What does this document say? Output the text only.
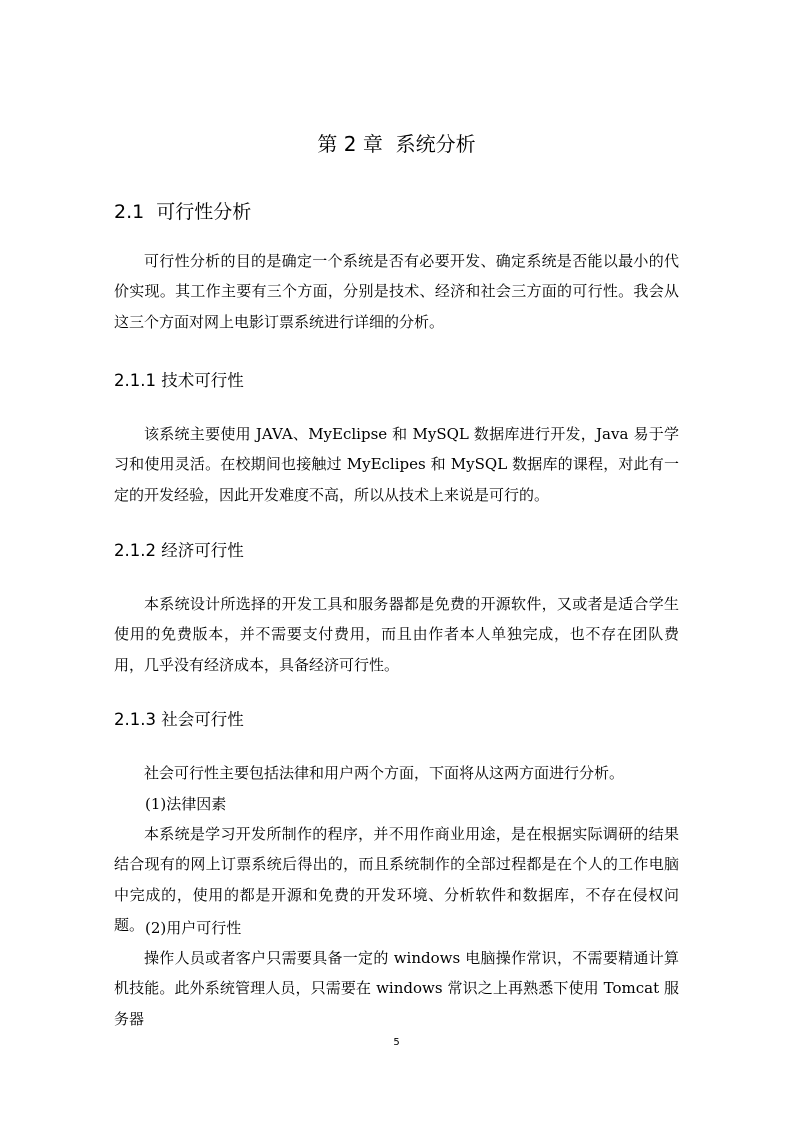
第 2 章  系统分析
2.1  可行性分析

可行性分析的目的是确定一个系统是否有必要开发、确定系统是否能以最小的代价实现。其工作主要有三个方面，分别是技术、经济和社会三方面的可行性。我会从这三个方面对网上电影订票系统进行详细的分析。

2.1.1 技术可行性

该系统主要使用 JAVA、MyEclipse 和 MySQL 数据库进行开发，Java 易于学习和使用灵活。在校期间也接触过 MyEclipes 和 MySQL 数据库的课程，对此有一定的开发经验，因此开发难度不高，所以从技术上来说是可行的。

2.1.2 经济可行性

本系统设计所选择的开发工具和服务器都是免费的开源软件，又或者是适合学生使用的免费版本，并不需要支付费用，而且由作者本人单独完成，也不存在团队费用，几乎没有经济成本，具备经济可行性。

2.1.3 社会可行性

社会可行性主要包括法律和用户两个方面，下面将从这两方面进行分析。

(1)法律因素

本系统是学习开发所制作的程序，并不用作商业用途，是在根据实际调研的结果结合现有的网上订票系统后得出的，而且系统制作的全部过程都是在个人的工作电脑中完成的，使用的都是开源和免费的开发环境、分析软件和数据库，不存在侵权问题。 (2)用户可行性

操作人员或者客户只需要具备一定的 windows 电脑操作常识，不需要精通计算机技能。此外系统管理人员，只需要在 windows 常识之上再熟悉下使用 Tomcat 服务器

5
